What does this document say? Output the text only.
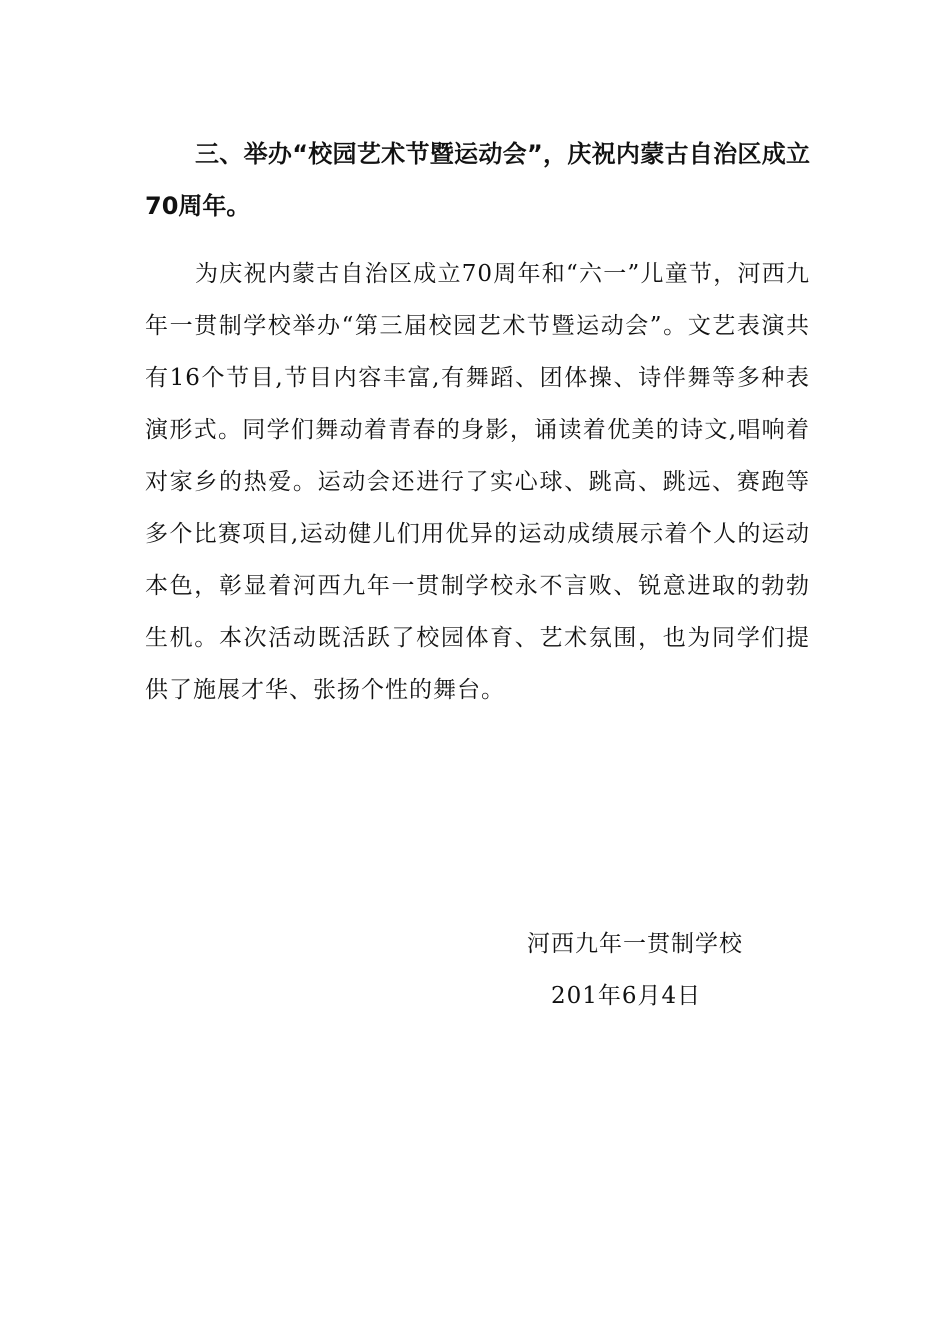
三、举办“校园艺术节暨运动会”，庆祝内蒙古自治区成立70周年。

为庆祝内蒙古自治区成立70周年和“六一”儿童节，河西九年一贯制学校举办“第三届校园艺术节暨运动会”。文艺表演共有16个节目,节目内容丰富,有舞蹈、团体操、诗伴舞等多种表演形式。同学们舞动着青春的身影，诵读着优美的诗文,唱响着对家乡的热爱。运动会还进行了实心球、跳高、跳远、赛跑等多个比赛项目,运动健儿们用优异的运动成绩展示着个人的运动本色，彰显着河西九年一贯制学校永不言败、锐意进取的勃勃生机。本次活动既活跃了校园体育、艺术氛围，也为同学们提供了施展才华、张扬个性的舞台。

河西九年一贯制学校
201年6月4日
